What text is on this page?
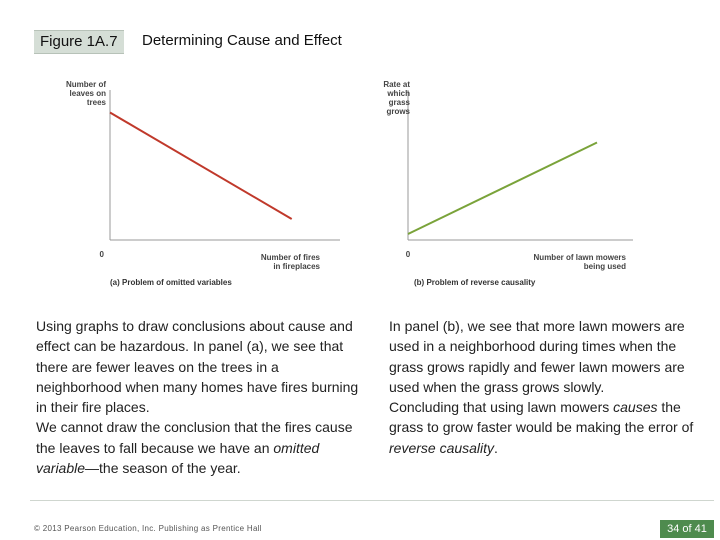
Figure 1A.7	Determining Cause and Effect
Number of
leaves on
trees
0	Number of fires
in fireplaces
(a) Problem of omitted variables
Rate at
which
grass
grows
0	Number of lawn mowers
being used
(b) Problem of reverse causality

Using graphs to draw conclusions about cause and effect can be hazardous. In panel (a), we see that there are fewer leaves on the trees in a neighborhood when many homes have fires burning in their fire places.

We cannot draw the conclusion that the fires cause the leaves to fall because we have an omitted variable—the season of the year.

In panel (b), we see that more lawn mowers are used in a neighborhood during times when the grass grows rapidly and fewer lawn mowers are used when the grass grows slowly.

Concluding that using lawn mowers causes the grass to grow faster would be making the error of reverse causality.

© 2013 Pearson Education, Inc. Publishing as Prentice Hall	34 of 41
